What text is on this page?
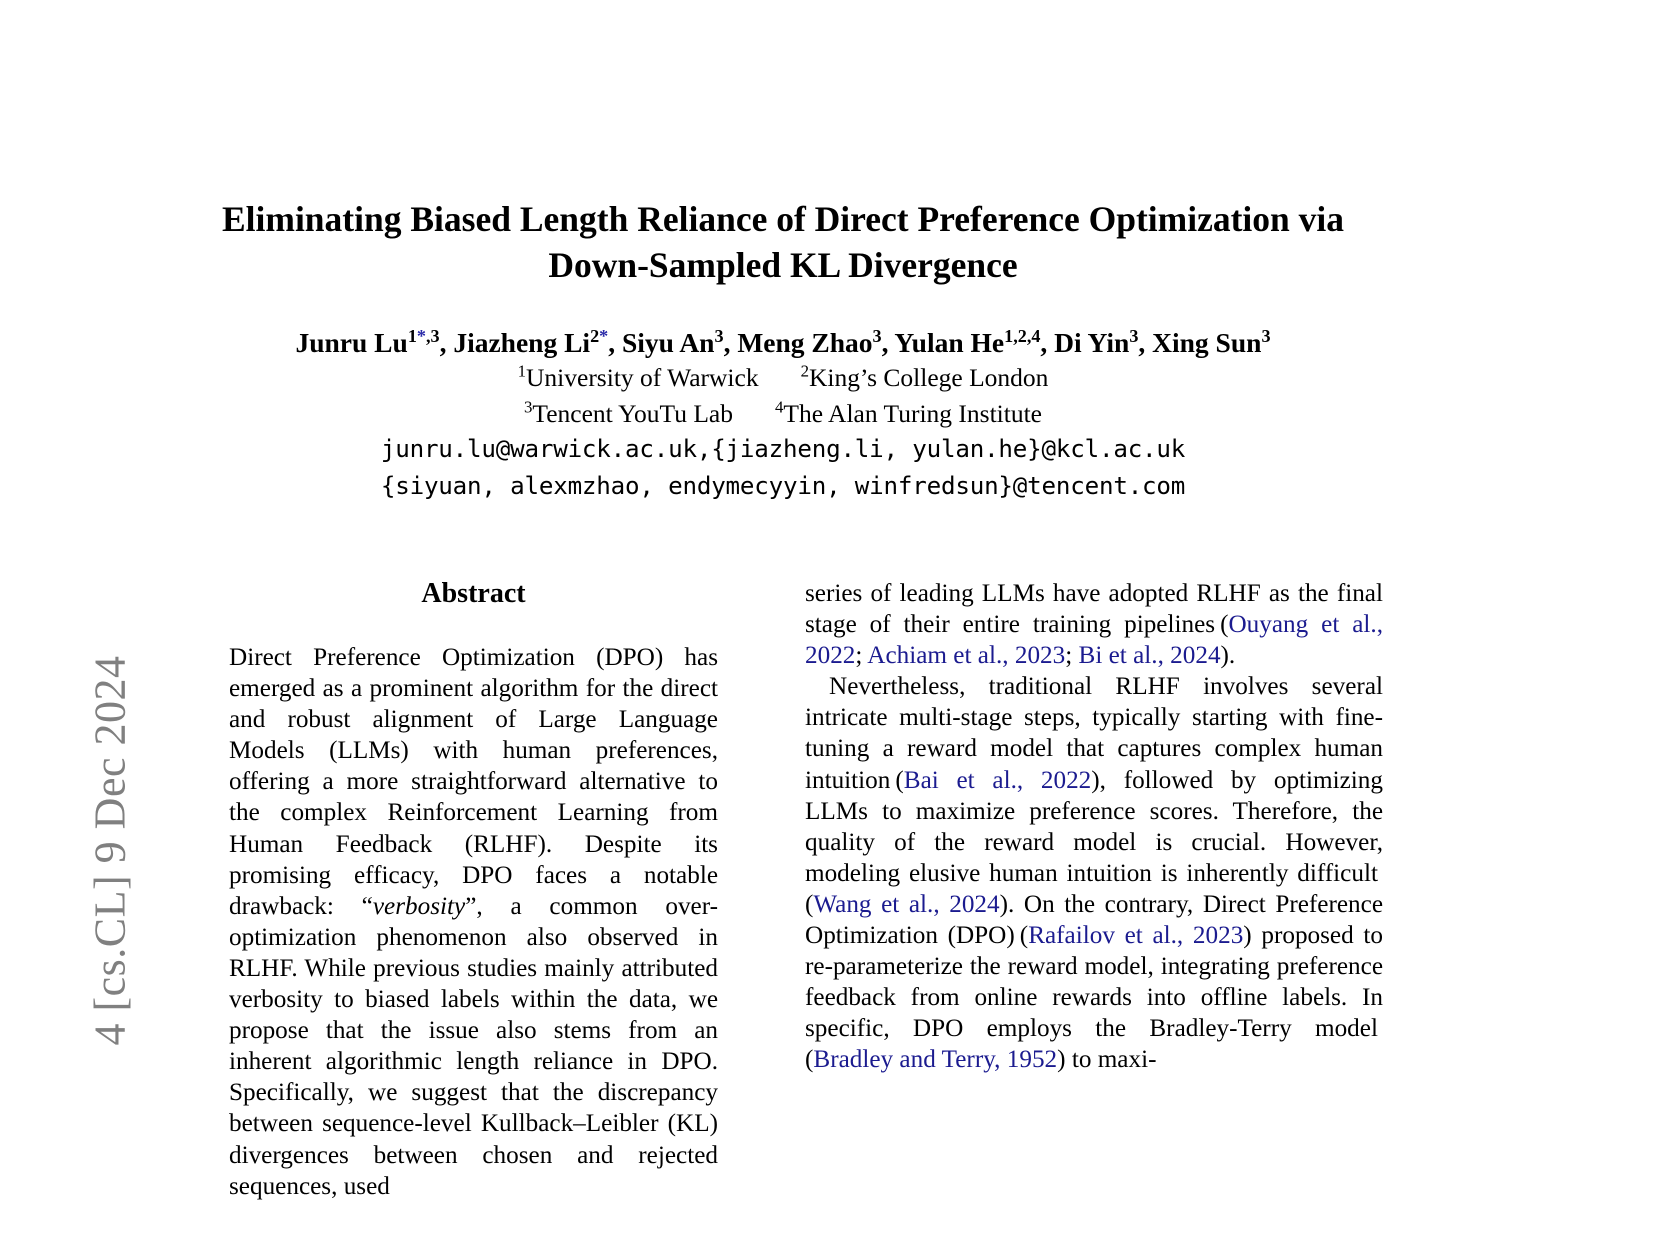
4 [cs.CL] 9 Dec 2024
Eliminating Biased Length Reliance of Direct Preference Optimization via Down-Sampled KL Divergence
Junru $Lu^{1*,3}$, Jiazheng $Li^{2*}$, Siyu An$^3$, Meng Zhao$^3$, Yulan He$^{1,2,4}$, Di Yin$^3$, Xing Sun$^3$
$^1$University of Warwick $^2$King’s College London
$^3$Tencent YouTu Lab $^4$The Alan Turing Institute
junru.lu@warwick.ac.uk,{jiazheng.li, yulan.he}@kcl.ac.uk
{siyuan, alexmzhao, endymecyyin, winfredsun}@tencent.com
Abstract

Direct Preference Optimization (DPO) has emerged as a prominent algorithm for the direct and robust alignment of Large Language Models (LLMs) with human preferences, offering a more straightforward alternative to the complex Reinforcement Learning from Human Feedback (RLHF). Despite its promising efficacy, DPO faces a notable drawback: “verbosity”, a common over-optimization phenomenon also observed in RLHF. While previous studies mainly attributed verbosity to biased labels within the data, we propose that the issue also stems from an inherent algorithmic length reliance in DPO. Specifically, we suggest that the discrepancy between sequence-level Kullback–Leibler (KL) divergences between chosen and rejected sequences, used

series of leading LLMs have adopted RLHF as the final stage of their entire training pipelines (Ouyang et al., 2022; Achiam et al., 2023; Bi et al., 2024).

Nevertheless, traditional RLHF involves several intricate multi-stage steps, typically starting with fine-tuning a reward model that captures complex human intuition (Bai et al., 2022), followed by optimizing LLMs to maximize preference scores. Therefore, the quality of the reward model is crucial. However, modeling elusive human intuition is inherently difficult (Wang et al., 2024). On the contrary, Direct Preference Optimization (DPO) (Rafailov et al., 2023) proposed to re-parameterize the reward model, integrating preference feedback from online rewards into offline labels. In specific, DPO employs the Bradley-Terry model (Bradley and Terry, 1952) to maxi-
